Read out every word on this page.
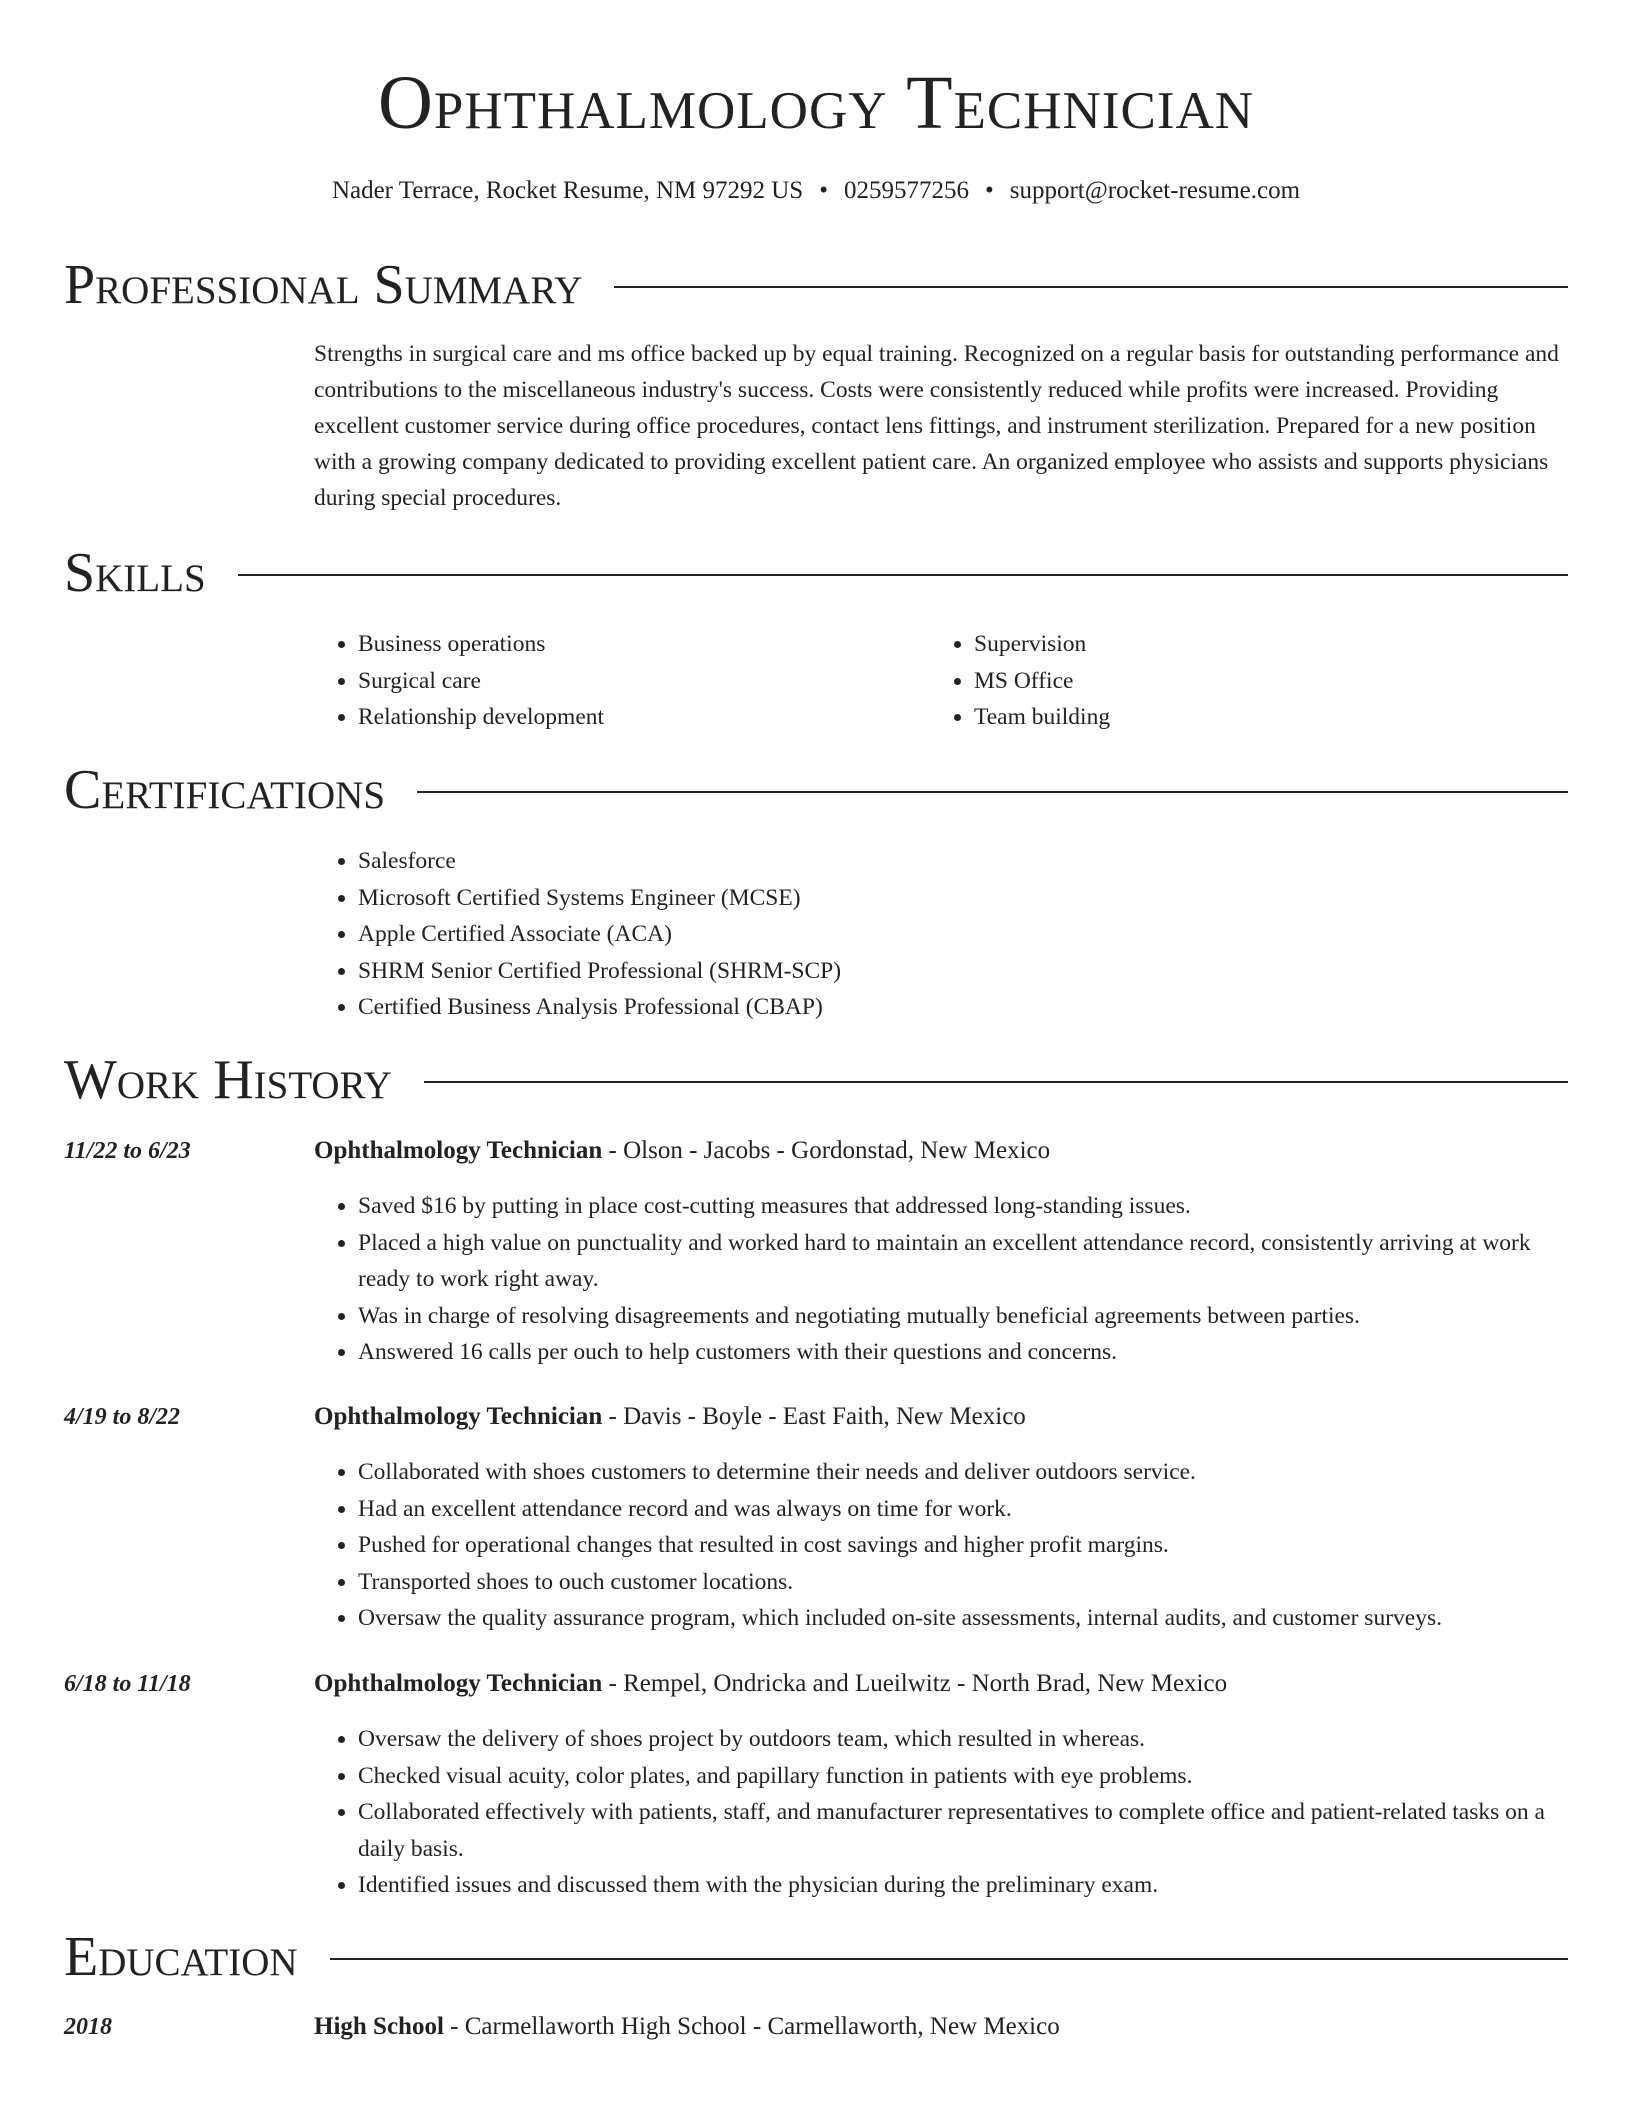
Ophthalmology Technician
Nader Terrace, Rocket Resume, NM 97292 US • 0259577256 • support@rocket-resume.com
Professional Summary
Strengths in surgical care and ms office backed up by equal training. Recognized on a regular basis for outstanding performance and contributions to the miscellaneous industry's success. Costs were consistently reduced while profits were increased. Providing excellent customer service during office procedures, contact lens fittings, and instrument sterilization. Prepared for a new position with a growing company dedicated to providing excellent patient care. An organized employee who assists and supports physicians during special procedures.
Skills
• Business operations
• Surgical care
• Relationship development
• Supervision
• MS Office
• Team building
Certifications
• Salesforce
• Microsoft Certified Systems Engineer (MCSE)
• Apple Certified Associate (ACA)
• SHRM Senior Certified Professional (SHRM-SCP)
• Certified Business Analysis Professional (CBAP)
Work History
11/22 to 6/23	Ophthalmology Technician - Olson - Jacobs - Gordonstad, New Mexico
• Saved $16 by putting in place cost-cutting measures that addressed long-standing issues.
• Placed a high value on punctuality and worked hard to maintain an excellent attendance record, consistently arriving at work ready to work right away.
• Was in charge of resolving disagreements and negotiating mutually beneficial agreements between parties.
• Answered 16 calls per ouch to help customers with their questions and concerns.
4/19 to 8/22	Ophthalmology Technician - Davis - Boyle - East Faith, New Mexico
• Collaborated with shoes customers to determine their needs and deliver outdoors service.
• Had an excellent attendance record and was always on time for work.
• Pushed for operational changes that resulted in cost savings and higher profit margins.
• Transported shoes to ouch customer locations.
• Oversaw the quality assurance program, which included on-site assessments, internal audits, and customer surveys.
6/18 to 11/18	Ophthalmology Technician - Rempel, Ondricka and Lueilwitz - North Brad, New Mexico
• Oversaw the delivery of shoes project by outdoors team, which resulted in whereas.
• Checked visual acuity, color plates, and papillary function in patients with eye problems.
• Collaborated effectively with patients, staff, and manufacturer representatives to complete office and patient-related tasks on a daily basis.
• Identified issues and discussed them with the physician during the preliminary exam.
Education
2018	High School - Carmellaworth High School - Carmellaworth, New Mexico
